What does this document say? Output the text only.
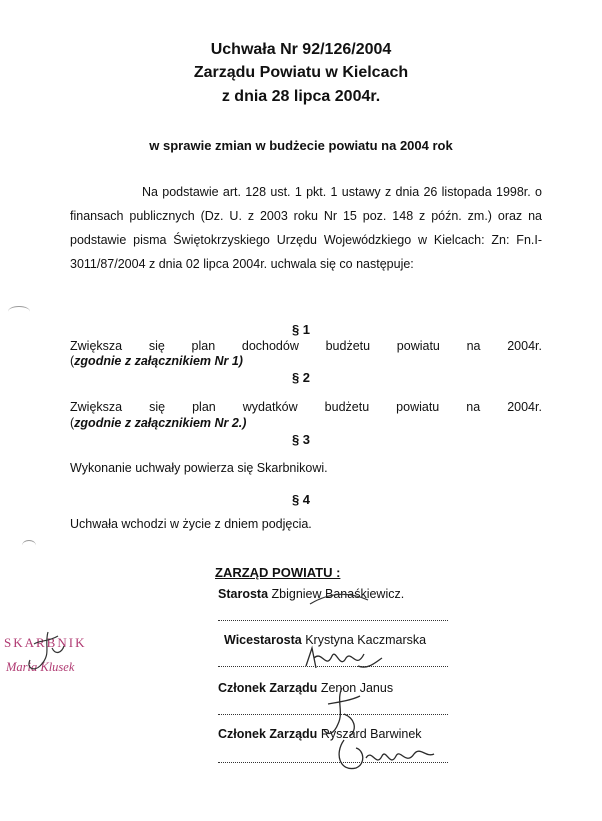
Uchwała Nr 92/126/2004
Zarządu Powiatu w Kielcach
z dnia 28 lipca 2004r.
w sprawie zmian w budżecie powiatu na 2004 rok
Na podstawie art. 128 ust. 1 pkt. 1 ustawy z dnia 26 listopada 1998r. o finansach publicznych (Dz. U. z 2003 roku Nr 15 poz. 148 z późn. zm.) oraz na podstawie pisma Świętokrzyskiego Urzędu Wojewódzkiego w Kielcach: Zn: Fn.I-3011/87/2004 z dnia 02 lipca 2004r. uchwala się co następuje:
§ 1
Zwiększa się plan dochodów budżetu powiatu na 2004r.
(zgodnie z załącznikiem Nr 1)
§ 2
Zwiększa się plan wydatków budżetu powiatu na 2004r.
(zgodnie z załącznikiem Nr 2.)
§ 3
Wykonanie uchwały powierza się Skarbnikowi.
§ 4
Uchwała wchodzi w życie z dniem podjęcia.
ZARZĄD POWIATU :
Starosta Zbigniew Banaśkiewicz.
Wicestarosta Krystyna Kaczmarska
Członek Zarządu Zenon Janus
Członek Zarządu Ryszard Barwinek
SKARBNIK
Maria Klusek
